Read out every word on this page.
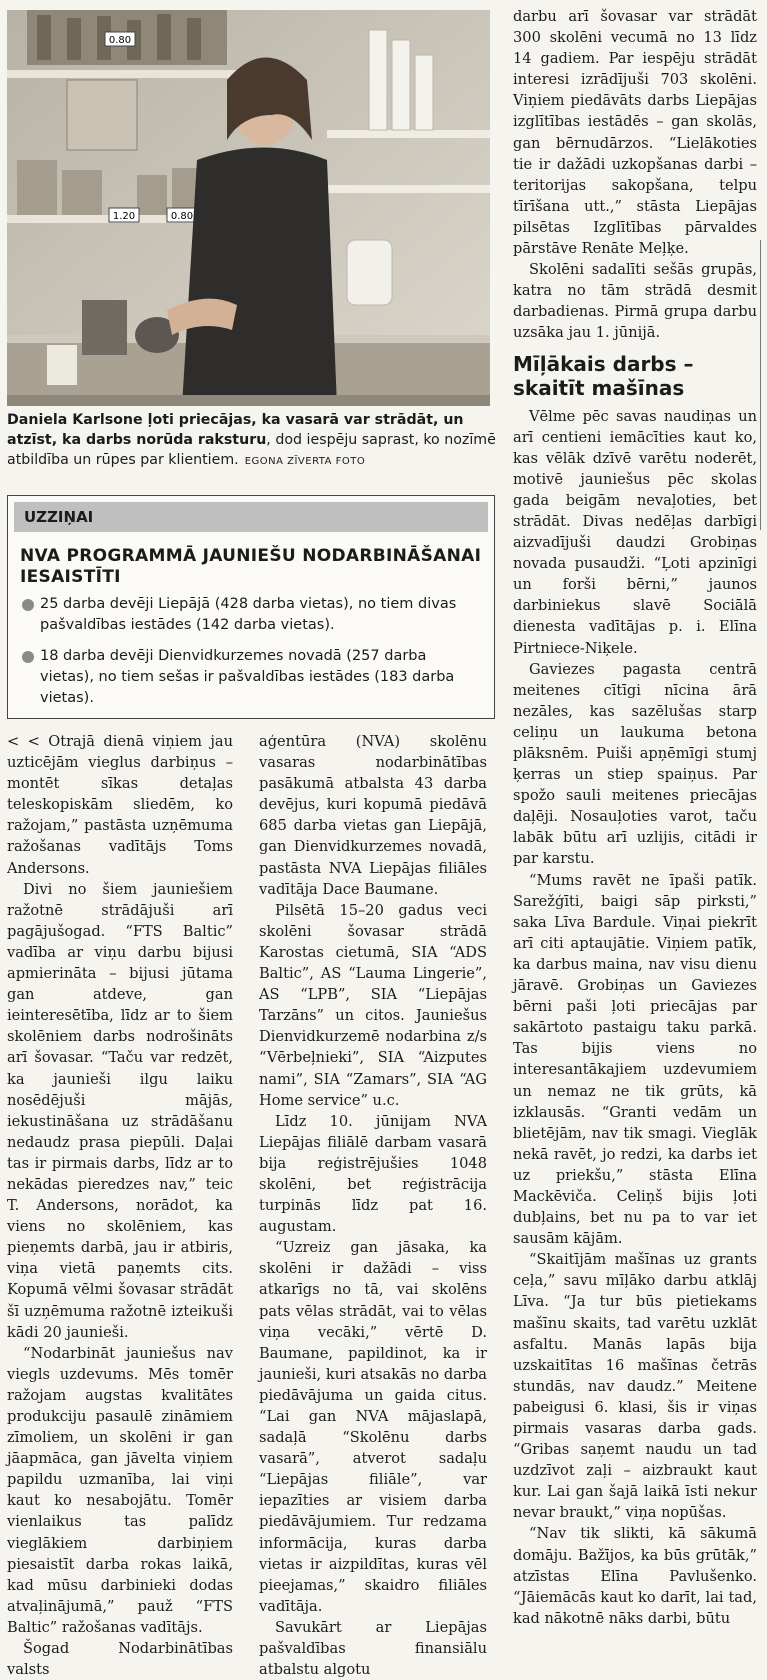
0.80
1.20	0.80
Daniela Karlsone ļoti priecājas, ka vasarā var strādāt, un atzīst, ka darbs norūda raksturu, dod iespēju saprast, ko nozīmē atbildība un rūpes par klientiem. EGONA ZĪVERTA FOTO
UZZIŅAI
NVA PROGRAMMĀ JAUNIEŠU NODARBINĀŠANAI IESAISTĪTI
25 darba devēji Liepājā (428 darba vietas), no tiem divas pašvaldības iestādes (142 darba vietas).
18 darba devēji Dienvidkurzemes novadā (257 darba vietas), no tiem sešas ir pašvaldības iestādes (183 darba vietas).

< < Otrajā dienā viņiem jau uzticējām vieglus darbiņus – montēt sīkas detaļas teleskopiskām sliedēm, ko ražojam,” pastāsta uzņēmuma ražošanas vadītājs Toms Andersons.

Divi no šiem jauniešiem ražotnē strādājuši arī pagājušogad. “FTS Baltic” vadība ar viņu darbu bijusi apmierināta – bijusi jūtama gan atdeve, gan ieinteresētība, līdz ar to šiem skolēniem darbs nodrošināts arī šovasar. “Taču var redzēt, ka jaunieši ilgu laiku nosēdējuši mājās, iekustināšana uz strādāšanu nedaudz prasa piepūli. Daļai tas ir pirmais darbs, līdz ar to nekādas pieredzes nav,” teic T. Andersons, norādot, ka viens no skolēniem, kas pieņemts darbā, jau ir atbiris, viņa vietā paņemts cits. Kopumā vēlmi šovasar strādāt šī uzņēmuma ražotnē izteikuši kādi 20 jaunieši.

“Nodarbināt jauniešus nav viegls uzdevums. Mēs tomēr ražojam augstas kvalitātes produkciju pasaulē zināmiem zīmoliem, un skolēni ir gan jāapmāca, gan jāvelta viņiem papildu uzmanība, lai viņi kaut ko nesabojātu. Tomēr vienlaikus tas palīdz vieglākiem darbiņiem piesaistīt darba rokas laikā, kad mūsu darbinieki dodas atvaļinājumā,” pauž “FTS Baltic” ražošanas vadītājs.

Šogad Nodarbinātības valsts

aģentūra (NVA) skolēnu vasaras nodarbinātības pasākumā atbalsta 43 darba devējus, kuri kopumā piedāvā 685 darba vietas gan Liepājā, gan Dienvidkurzemes novadā, pastāsta NVA Liepājas filiāles vadītāja Dace Baumane.

Pilsētā 15–20 gadus veci skolēni šovasar strādā Karostas cietumā, SIA “ADS Baltic”, AS “Lauma Lingerie”, AS “LPB”, SIA “Liepājas Tarzāns” un citos. Jauniešus Dienvidkurzemē nodarbina z/s “Vērbeļnieki”, SIA “Aizputes nami”, SIA “Zamars”, SIA “AG Home service” u.c.

Līdz 10. jūnijam NVA Liepājas filiālē darbam vasarā bija reģistrējušies 1048 skolēni, bet reģistrācija turpinās līdz pat 16. augustam.

“Uzreiz gan jāsaka, ka skolēni ir dažādi – viss atkarīgs no tā, vai skolēns pats vēlas strādāt, vai to vēlas viņa vecāki,” vērtē D. Baumane, papildinot, ka ir jaunieši, kuri atsakās no darba piedāvājuma un gaida citus. “Lai gan NVA mājaslapā, sadaļā “Skolēnu darbs vasarā”, atverot sadaļu “Liepājas filiāle”, var iepazīties ar visiem darba piedāvājumiem. Tur redzama informācija, kuras darba vietas ir aizpildītas, kuras vēl pieejamas,” skaidro filiāles vadītāja.

Savukārt ar Liepājas pašvaldības finansiālu atbalstu algotu

darbu arī šovasar var strādāt 300 skolēni vecumā no 13 līdz 14 gadiem. Par iespēju strādāt interesi izrādījuši 703 skolēni. Viņiem piedāvāts darbs Liepājas izglītības iestādēs – gan skolās, gan bērnudārzos. “Lielākoties tie ir dažādi uzkopšanas darbi – teritorijas sakopšana, telpu tīrīšana utt.,” stāsta Liepājas pilsētas Izglītības pārvaldes pārstāve Renāte Meļķe.

Skolēni sadalīti sešās grupās, katra no tām strādā desmit darbadienas. Pirmā grupa darbu uzsāka jau 1. jūnijā.

Mīļākais darbs – skaitīt mašīnas

Vēlme pēc savas naudiņas un arī centieni iemācīties kaut ko, kas vēlāk dzīvē varētu noderēt, motivē jauniešus pēc skolas gada beigām nevaļoties, bet strādāt. Divas nedēļas darbīgi aizvadījuši daudzi Grobiņas novada pusaudži. “Ļoti apzinīgi un forši bērni,” jaunos darbiniekus slavē Sociālā dienesta vadītājas p. i. Elīna Pirtniece-Niķele.

Gaviezes pagasta centrā meitenes cītīgi nīcina ārā nezāles, kas sazēlušas starp celiņu un laukuma betona plāksnēm. Puiši apņēmīgi stumj ķerras un stiep spaiņus. Par spožo sauli meitenes priecājas daļēji. Nosauļoties varot, taču labāk būtu arī uzlijis, citādi ir par karstu.

“Mums ravēt ne īpaši patīk. Sarežģīti, baigi sāp pirksti,” saka Līva Bardule. Viņai piekrīt arī citi aptaujātie. Viņiem patīk, ka darbus maina, nav visu dienu jāravē. Grobiņas un Gaviezes bērni paši ļoti priecājas par sakārtoto pastaigu taku parkā. Tas bijis viens no interesantākajiem uzdevumiem un nemaz ne tik grūts, kā izklausās. “Granti vedām un blietējām, nav tik smagi. Vieglāk nekā ravēt, jo redzi, ka darbs iet uz priekšu,” stāsta Elīna Mackēviča. Celiņš bijis ļoti dubļains, bet nu pa to var iet sausām kājām.

“Skaitījām mašīnas uz grants ceļa,” savu mīļāko darbu atklāj Līva. “Ja tur būs pietiekams mašīnu skaits, tad varētu uzklāt asfaltu. Manās lapās bija uzskaitītas 16 mašīnas četrās stundās, nav daudz.” Meitene pabeigusi 6. klasi, šis ir viņas pirmais vasaras darba gads. “Gribas saņemt naudu un tad uzdzīvot zaļi – aizbraukt kaut kur. Lai gan šajā laikā īsti nekur nevar braukt,” viņa nopūšas.

“Nav tik slikti, kā sākumā domāju. Bažījos, ka būs grūtāk,” atzīstas Elīna Pavlušenko. “Jāiemācās kaut ko darīt, lai tad, kad nākotnē nāks darbi, būtu
